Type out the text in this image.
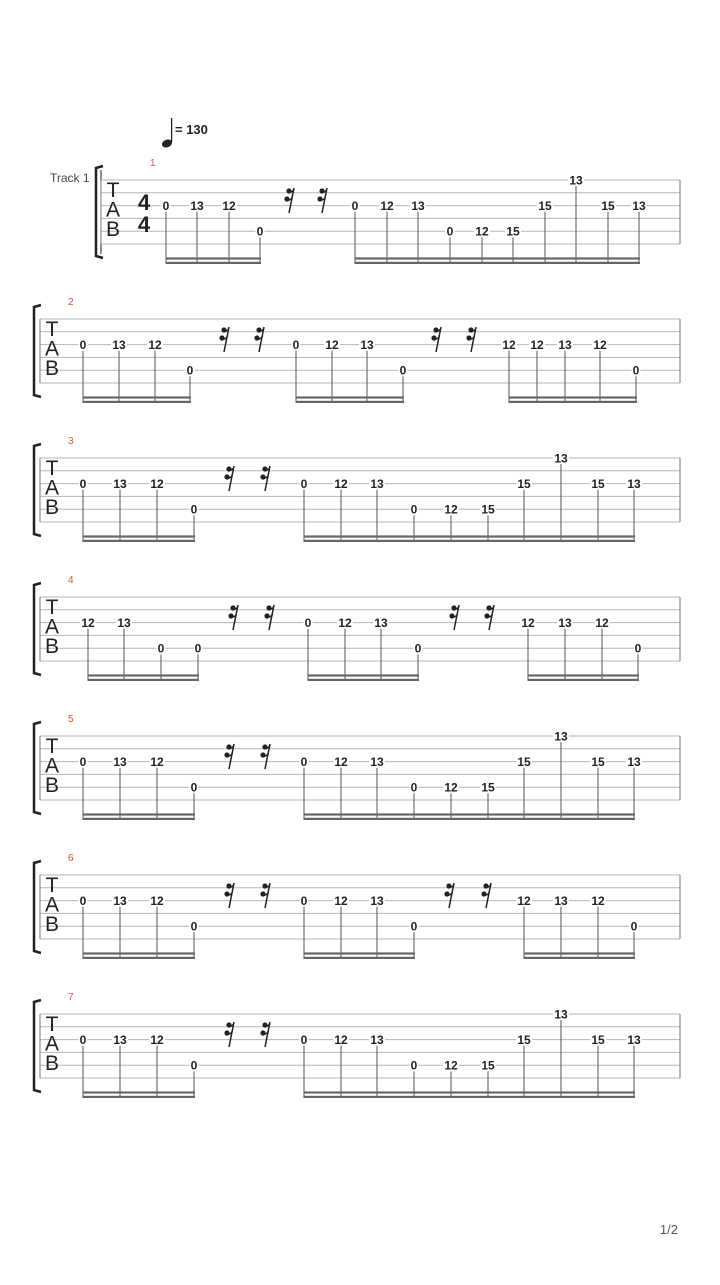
= 130
Track 1
1
T
A
B
4
4
0 13 12
0
0 12 13
0 12 15
15
13
15 13
2
T
A
B
0 13 12
0
0 12 13
0
12 12 13 12
0
3
T
A
B
0 13 12
0
0 12 13
0 12 15
15
13
15 13
4
T
A
B
12 13
0	0
0 12 13
0
12 13 12
0
5
T
A
B
0 13 12
0
0 12 13
0 12 15
15
13
15 13
6
T
A
B
0 13 12
0
0 12 13
0
12 13 12
0
7
T
A
B
0 13 12
0
0 12 13
0 12 15
15
13
15 13
1/2
